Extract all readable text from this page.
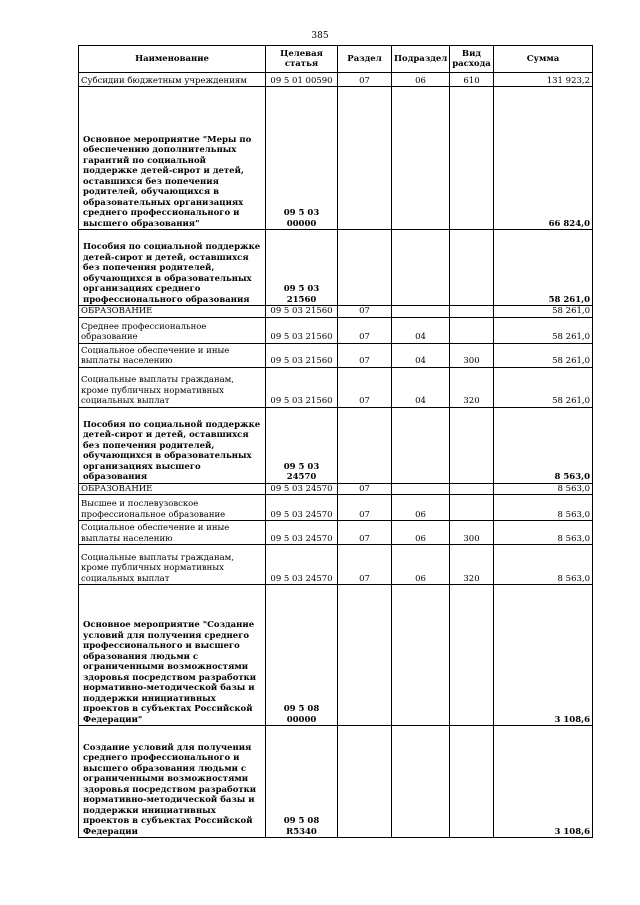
385
Наименование	Целевая статья	Раздел	Подраздел	Вид расхода	Сумма
Субсидии бюджетным учреждениям	09 5 01 00590	07	06	610	131 923,2
Основное мероприятие "Меры по обеспечению дополнительных гарантий по социальной поддержке детей-сирот и детей, оставшихся без попечения родителей, обучающихся в образовательных организациях среднего профессионального и высшего образования"	09 5 03 00000				66 824,0
Пособия по социальной поддержке детей-сирот и детей, оставшихся без попечения родителей, обучающихся в образовательных организациях среднего профессионального образования	09 5 03 21560				58 261,0
ОБРАЗОВАНИЕ	09 5 03 21560	07			58 261,0
Среднее профессиональное образование	09 5 03 21560	07	04		58 261,0
Социальное обеспечение и иные выплаты населению	09 5 03 21560	07	04	300	58 261,0
Социальные выплаты гражданам, кроме публичных нормативных социальных выплат	09 5 03 21560	07	04	320	58 261,0
Пособия по социальной поддержке детей-сирот и детей, оставшихся без попечения родителей, обучающихся в образовательных организациях высшего образования	09 5 03 24570				8 563,0
ОБРАЗОВАНИЕ	09 5 03 24570	07			8 563,0
Высшее и послевузовское профессиональное образование	09 5 03 24570	07	06		8 563,0
Социальное обеспечение и иные выплаты населению	09 5 03 24570	07	06	300	8 563,0
Социальные выплаты гражданам, кроме публичных нормативных социальных выплат	09 5 03 24570	07	06	320	8 563,0
Основное мероприятие "Создание условий для получения среднего профессионального и высшего образования людьми с ограниченными возможностями здоровья посредством разработки нормативно-методической базы и поддержки инициативных проектов в субъектах Российской Федерации"	09 5 08 00000				3 108,6
Создание условий для получения среднего профессионального и высшего образования людьми с ограниченными возможностями здоровья посредством разработки нормативно-методической базы и поддержки инициативных проектов в субъектах Российской Федерации	09 5 08 R5340				3 108,6
